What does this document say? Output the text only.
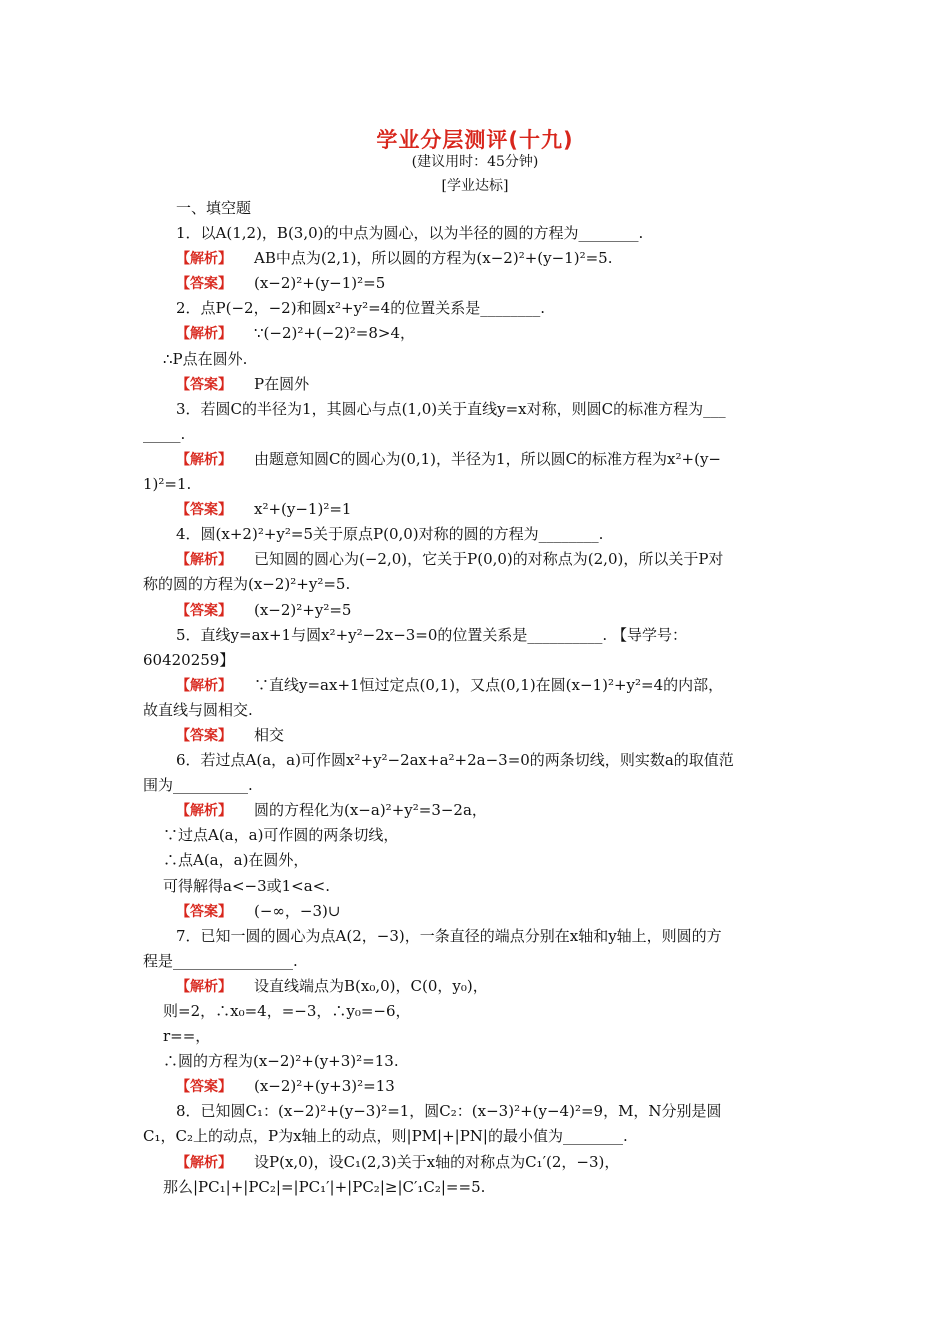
学业分层测评(十九)
(建议用时：45分钟)
[学业达标]
一、填空题
1．以A(1,2)，B(3,0)的中点为圆心，以为半径的圆的方程为________.
【解析】 AB中点为(2,1)，所以圆的方程为(x−2)²+(y−1)²=5.
【答案】 (x−2)²+(y−1)²=5
2．点P(−2，−2)和圆x²+y²=4的位置关系是________.
【解析】 ∵(−2)²+(−2)²=8>4，
∴P点在圆外.
【答案】 P在圆外
3．若圆C的半径为1，其圆心与点(1,0)关于直线y=x对称，则圆C的标准方程为___
_____.
【解析】 由题意知圆C的圆心为(0,1)，半径为1，所以圆C的标准方程为x²+(y−
1)²=1.
【答案】 x²+(y−1)²=1
4．圆(x+2)²+y²=5关于原点P(0,0)对称的圆的方程为________.
【解析】 已知圆的圆心为(−2,0)，它关于P(0,0)的对称点为(2,0)，所以关于P对
称的圆的方程为(x−2)²+y²=5.
【答案】 (x−2)²+y²=5
5．直线y=ax+1与圆x²+y²−2x−3=0的位置关系是__________. 【导学号：
60420259】
【解析】 ∵直线y=ax+1恒过定点(0,1)，又点(0,1)在圆(x−1)²+y²=4的内部，
故直线与圆相交.
【答案】 相交
6．若过点A(a，a)可作圆x²+y²−2ax+a²+2a−3=0的两条切线，则实数a的取值范
围为__________.
【解析】 圆的方程化为(x−a)²+y²=3−2a，
∵过点A(a，a)可作圆的两条切线，
∴点A(a，a)在圆外，
可得解得a<−3或1<a<.
【答案】 (−∞，−3)∪
7．已知一圆的圆心为点A(2，−3)，一条直径的端点分别在x轴和y轴上，则圆的方
程是________________.
【解析】 设直线端点为B(x₀,0)，C(0，y₀)，
则=2，∴x₀=4，=−3，∴y₀=−6，
r==，
∴圆的方程为(x−2)²+(y+3)²=13.
【答案】 (x−2)²+(y+3)²=13
8．已知圆C₁：(x−2)²+(y−3)²=1，圆C₂：(x−3)²+(y−4)²=9，M，N分别是圆
C₁，C₂上的动点，P为x轴上的动点，则|PM|+|PN|的最小值为________.
【解析】 设P(x,0)，设C₁(2,3)关于x轴的对称点为C₁′(2，−3)，
那么|PC₁|+|PC₂|=|PC₁′|+|PC₂|≥|C′₁C₂|==5.
